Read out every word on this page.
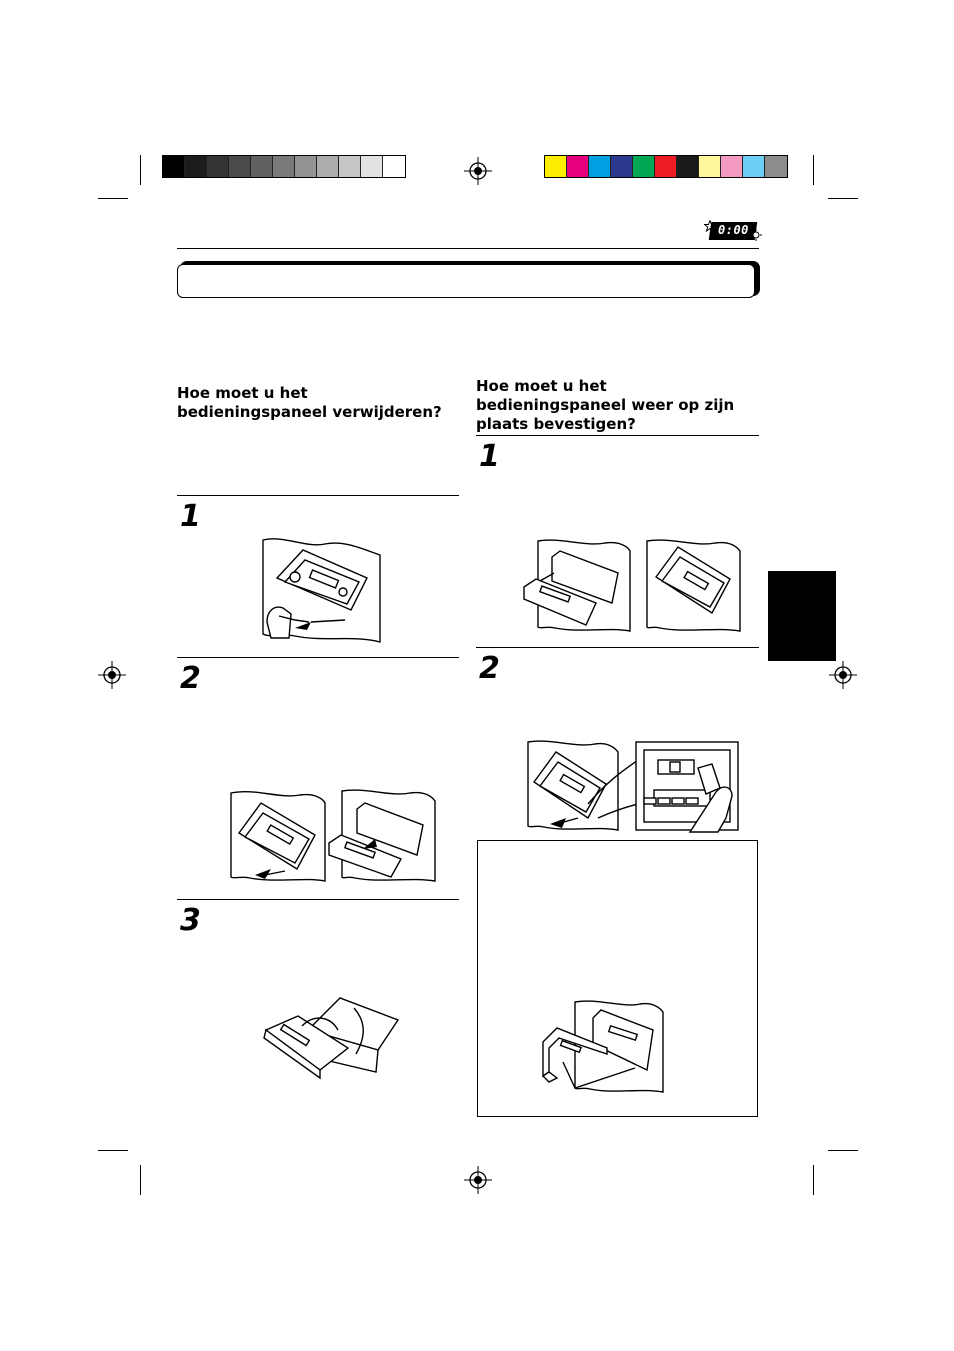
0:00
Hoe moet u het bedieningspaneel verwijderen?
1
2
3
Hoe moet u het bedieningspaneel weer op zijn plaats bevestigen?
1
2
